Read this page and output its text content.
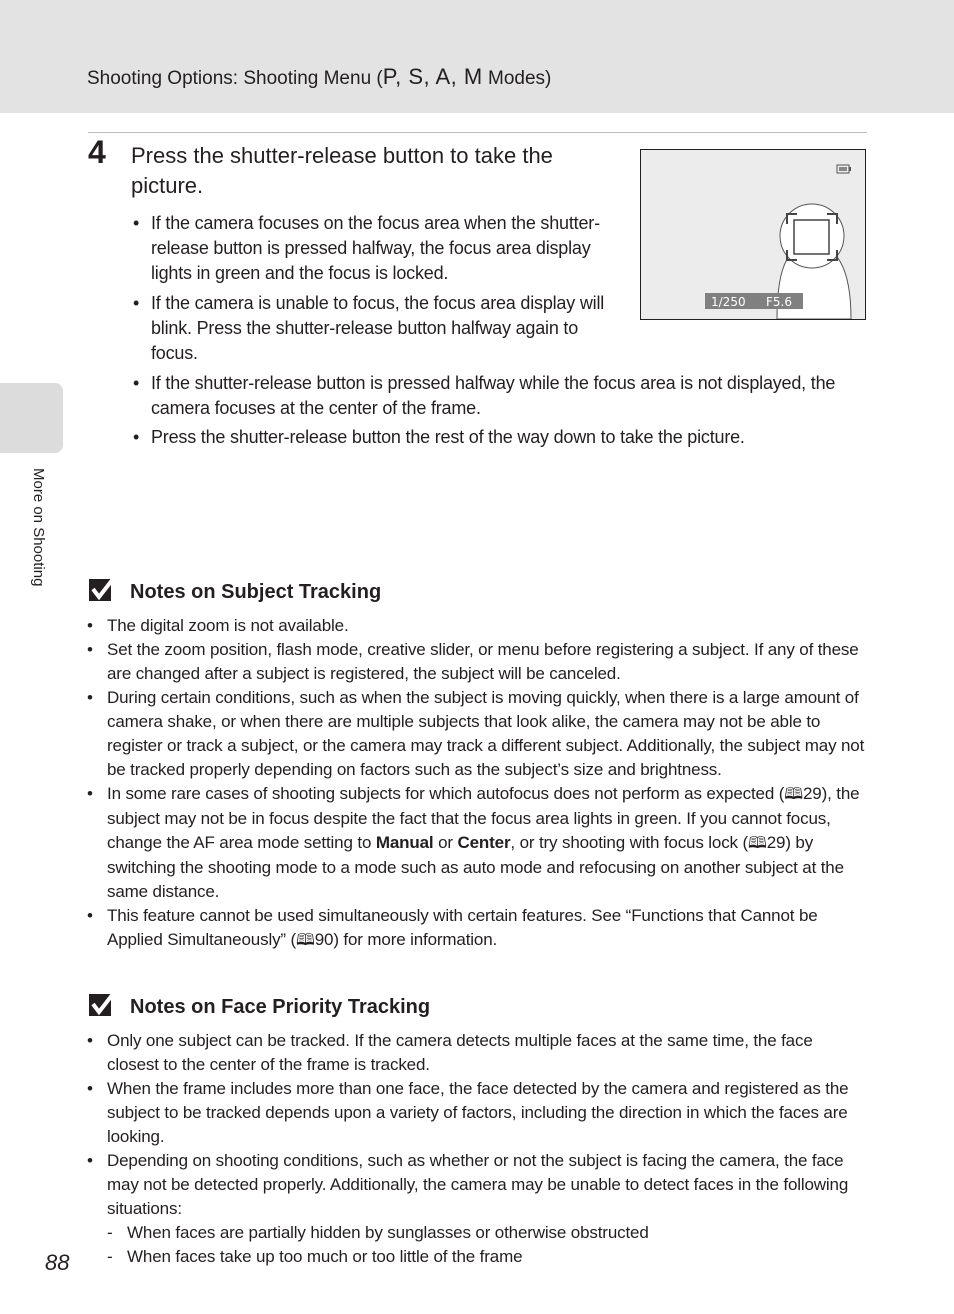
Shooting Options: Shooting Menu (P, S, A, M Modes)
More on Shooting
4 Press the shutter-release button to take the picture.
• If the camera focuses on the focus area when the shutter-release button is pressed halfway, the focus area display lights in green and the focus is locked.
• If the camera is unable to focus, the focus area display will blink. Press the shutter-release button halfway again to focus.
• If the shutter-release button is pressed halfway while the focus area is not displayed, the camera focuses at the center of the frame.
• Press the shutter-release button the rest of the way down to take the picture.
1/250 F5.6
Notes on Subject Tracking
• The digital zoom is not available.
• Set the zoom position, flash mode, creative slider, or menu before registering a subject. If any of these are changed after a subject is registered, the subject will be canceled.
• During certain conditions, such as when the subject is moving quickly, when there is a large amount of camera shake, or when there are multiple subjects that look alike, the camera may not be able to register or track a subject, or the camera may track a different subject. Additionally, the subject may not be tracked properly depending on factors such as the subject’s size and brightness.
• In some rare cases of shooting subjects for which autofocus does not perform as expected (🕮29), the subject may not be in focus despite the fact that the focus area lights in green. If you cannot focus, change the AF area mode setting to Manual or Center, or try shooting with focus lock (🕮29) by switching the shooting mode to a mode such as auto mode and refocusing on another subject at the same distance.
• This feature cannot be used simultaneously with certain features. See “Functions that Cannot be Applied Simultaneously” (🕮90) for more information.
Notes on Face Priority Tracking
• Only one subject can be tracked. If the camera detects multiple faces at the same time, the face closest to the center of the frame is tracked.
• When the frame includes more than one face, the face detected by the camera and registered as the subject to be tracked depends upon a variety of factors, including the direction in which the faces are looking.
• Depending on shooting conditions, such as whether or not the subject is facing the camera, the face may not be detected properly. Additionally, the camera may be unable to detect faces in the following situations:
- When faces are partially hidden by sunglasses or otherwise obstructed
- When faces take up too much or too little of the frame
88
